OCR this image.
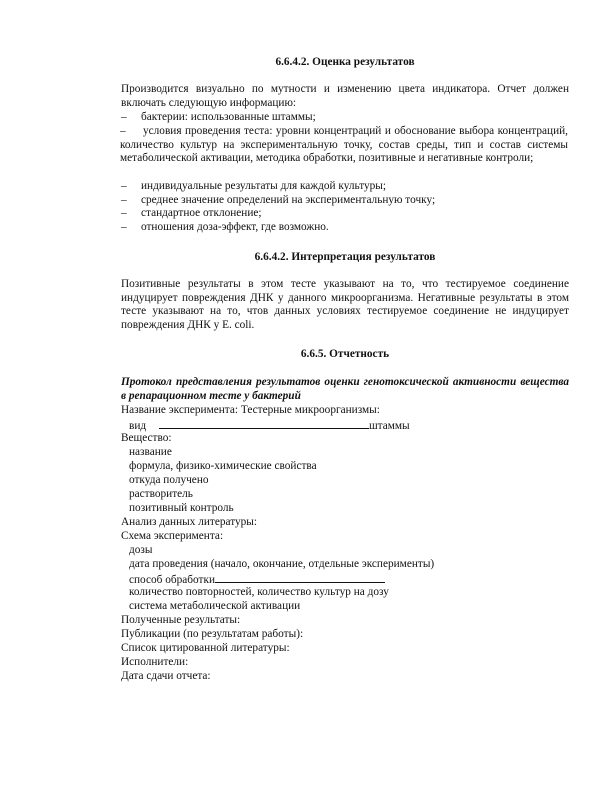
6.6.4.2. Оценка результатов

Производится визуально по мутности и изменению цвета индикатора. Отчет должен включать следующую информацию:

– бактерии: использованные штаммы;

– условия проведения теста: уровни концентраций и обоснование выбора концентраций, количество культур на экспериментальную точку, состав среды, тип и состав системы метаболической активации, методика обработки, позитивные и негативные контроли;

– индивидуальные результаты для каждой культуры;
– среднее значение определений на экспериментальную точку;
– стандартное отклонение;
– отношения доза-эффект, где возможно.
6.6.4.2. Интерпретация результатов

Позитивные результаты в этом тесте указывают на то, что тестируемое соединение индуцирует повреждения ДНК у данного микроорганизма. Негативные результаты в этом тесте указывают на то, чтов данных условиях тестируемое соединение не индуцирует повреждения ДНК у E. coli.

6.6.5. Отчетность

Протокол представления результатов оценки генотоксической активности вещества в репарационном тесте у бактерий

Название эксперимента: Тестерные микроорганизмы:
вид	штаммы
Вещество:
название
формула, физико-химические свойства
откуда получено
растворитель
позитивный контроль
Анализ данных литературы:
Схема эксперимента:
дозы
дата проведения (начало, окончание, отдельные эксперименты)
способ обработки
количество повторностей, количество культур на дозу
система метаболической активации
Полученные результаты:
Публикации (по результатам работы):
Список цитированной литературы:
Исполнители:
Дата сдачи отчета:
